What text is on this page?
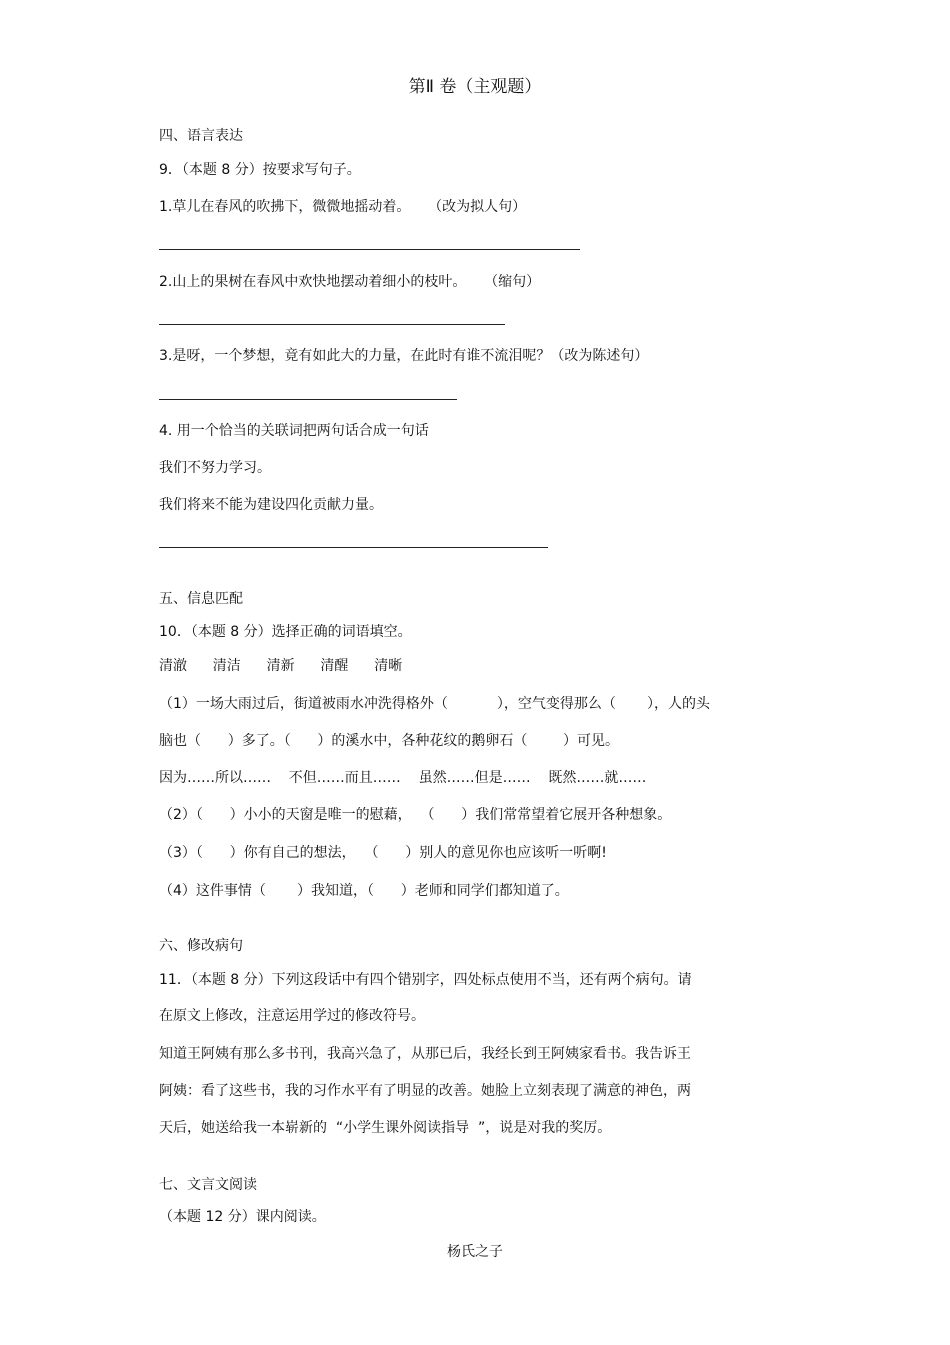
第Ⅱ 卷（主观题）
四、语言表达
9．（本题 8 分）按要求写句子。
1.草儿在春风的吹拂下，微微地摇动着。    （改为拟人句）
2.山上的果树在春风中欢快地摆动着细小的枝叶。    （缩句）
3.是呀，一个梦想，竟有如此大的力量，在此时有谁不流泪呢？（改为陈述句）
4. 用一个恰当的关联词把两句话合成一句话
我们不努力学习。
我们将来不能为建设四化贡献力量。
五、信息匹配
10．（本题 8 分）选择正确的词语填空。
清澈    清洁    清新    清醒    清晰
（1）一场大雨过后，街道被雨水冲洗得格外（           ），空气变得那么（       ），人的头
脑也（      ）多了。（      ）的溪水中，各种花纹的鹅卵石（        ）可见。
因为……所以……    不但……而且……    虽然……但是……    既然……就……
（2）（      ）小小的天窗是唯一的慰藉，  （      ）我们常常望着它展开各种想象。
（3）（      ）你有自己的想法，  （      ）别人的意见你也应该听一听啊!
（4）这件事情（       ）我知道，（      ）老师和同学们都知道了。
六、修改病句
11．（本题 8 分）下列这段话中有四个错别字，四处标点使用不当，还有两个病句。请
在原文上修改，注意运用学过的修改符号。
知道王阿姨有那么多书刊，我高兴急了，从那已后，我经长到王阿姨家看书。我告诉王
阿姨：看了这些书，我的习作水平有了明显的改善。她脸上立刻表现了满意的神色，两
天后，她送给我一本崭新的  “小学生课外阅读指导  ”，说是对我的奖厉。
七、文言文阅读
（本题 12 分）课内阅读。
杨氏之子
